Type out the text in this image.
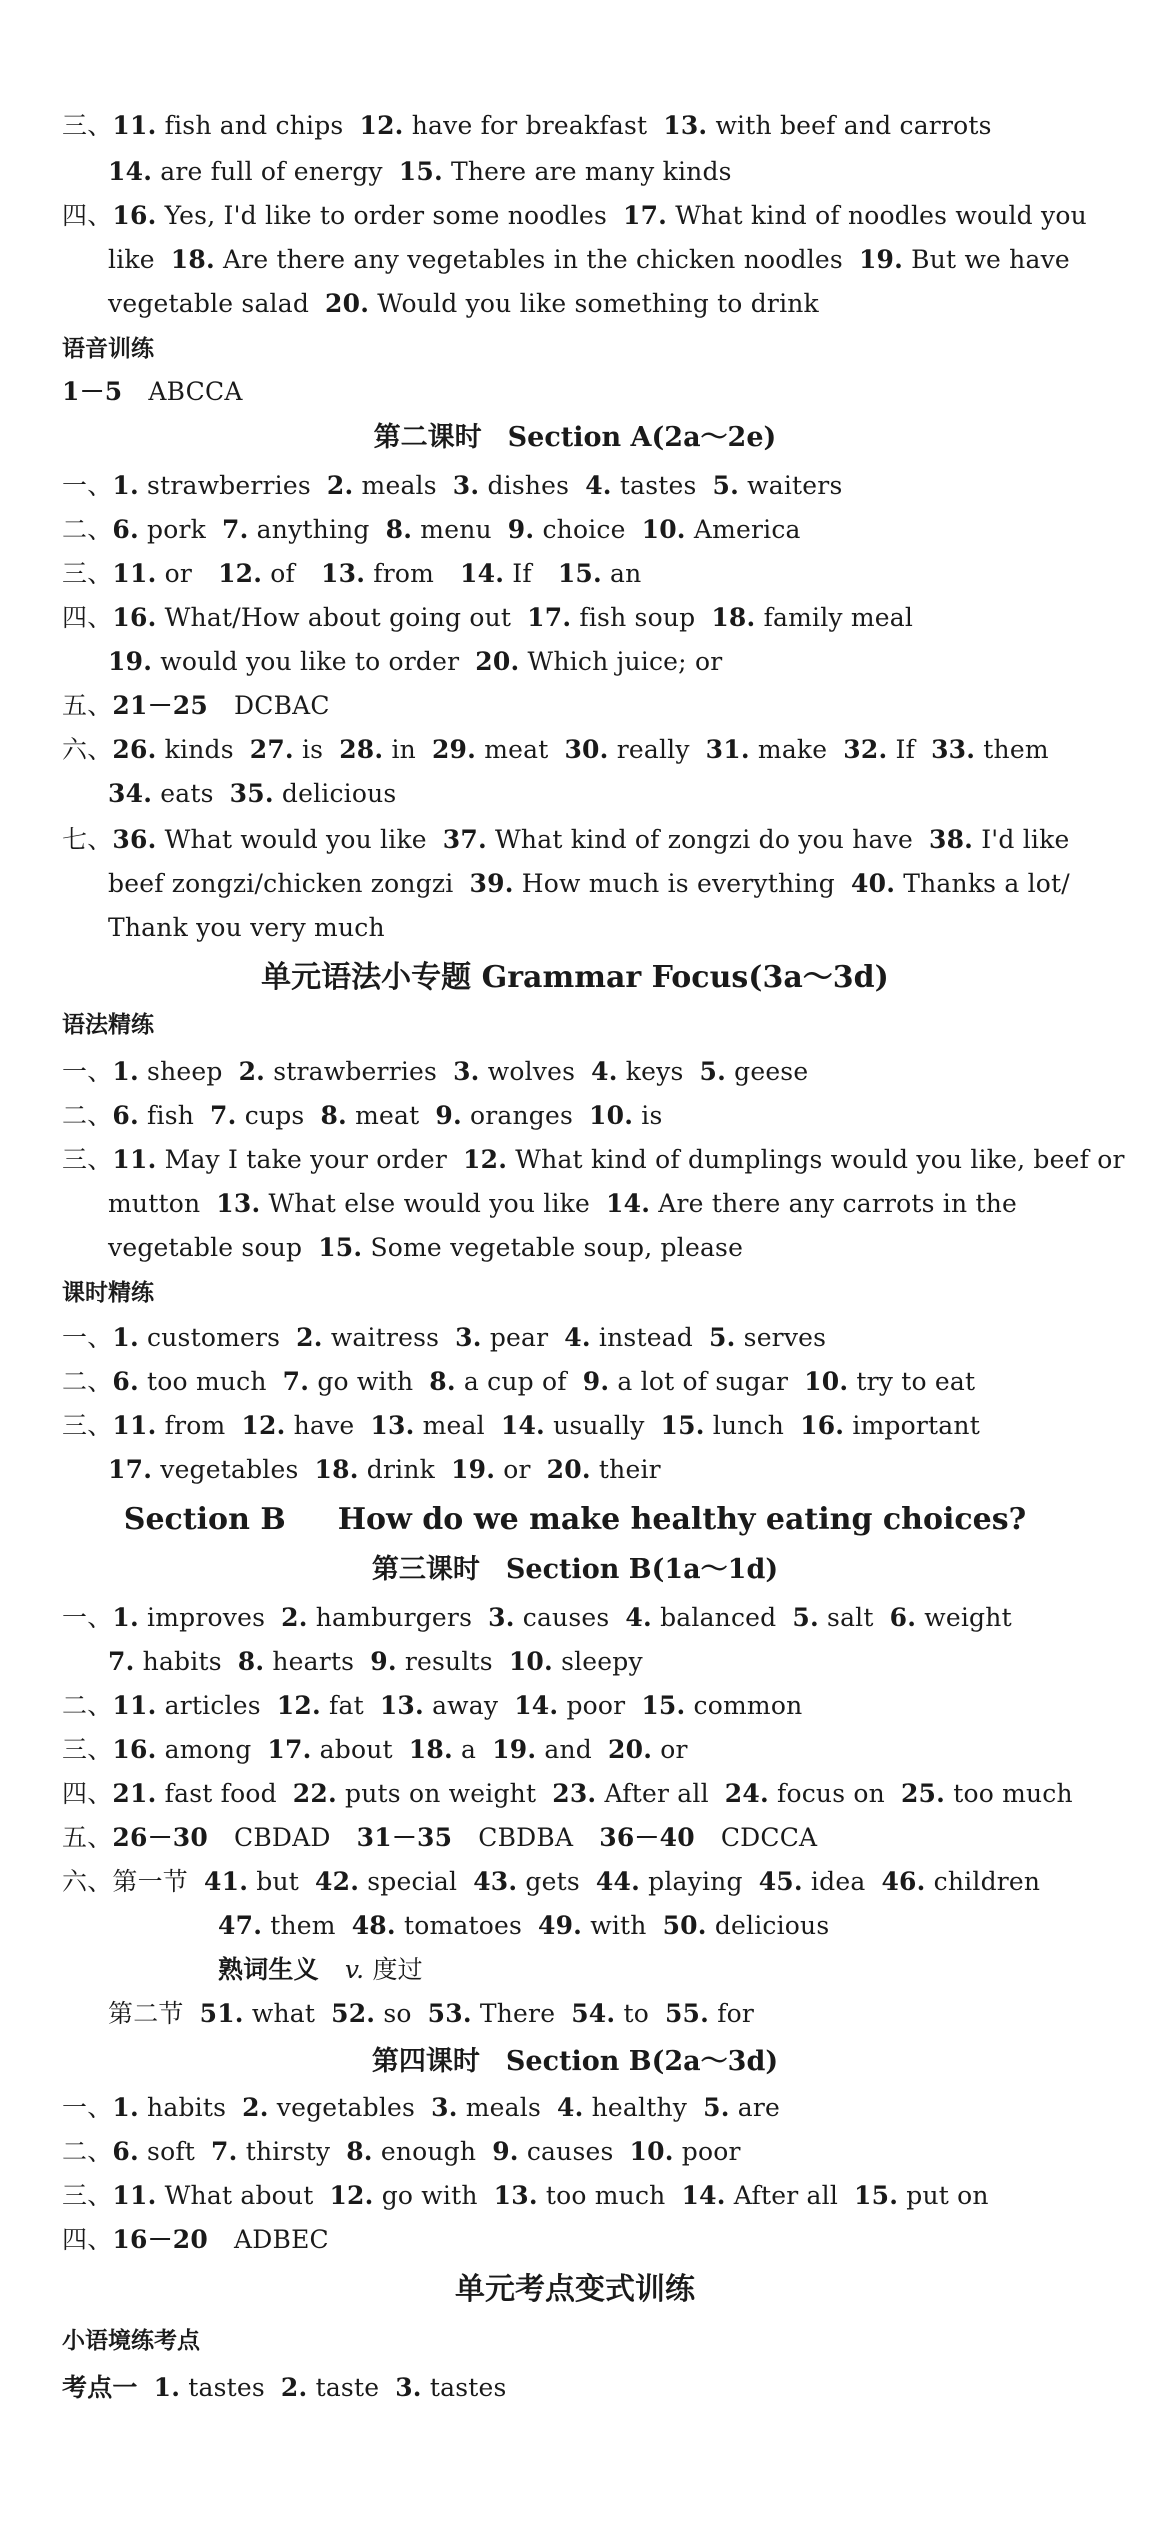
三、11. fish and chips 12. have for breakfast 13. with beef and carrots
14. are full of energy 15. There are many kinds
四、16. Yes, I'd like to order some noodles 17. What kind of noodles would you
like 18. Are there any vegetables in the chicken noodles 19. But we have
vegetable salad 20. Would you like something to drink
语音训练
1－5 ABCCA
第二课时 Section A(2a～2e)
一、1. strawberries 2. meals 3. dishes 4. tastes 5. waiters
二、6. pork 7. anything 8. menu 9. choice 10. America
三、11. or 12. of 13. from 14. If 15. an
四、16. What/How about going out 17. fish soup 18. family meal
19. would you like to order 20. Which juice; or
五、21－25 DCBAC
六、26. kinds 27. is 28. in 29. meat 30. really 31. make 32. If 33. them
34. eats 35. delicious
七、36. What would you like 37. What kind of zongzi do you have 38. I'd like
beef zongzi/chicken zongzi 39. How much is everything 40. Thanks a lot/
Thank you very much
单元语法小专题 Grammar Focus(3a～3d)
语法精练
一、1. sheep 2. strawberries 3. wolves 4. keys 5. geese
二、6. fish 7. cups 8. meat 9. oranges 10. is
三、11. May I take your order 12. What kind of dumplings would you like, beef or
mutton 13. What else would you like 14. Are there any carrots in the
vegetable soup 15. Some vegetable soup, please
课时精练
一、1. customers 2. waitress 3. pear 4. instead 5. serves
二、6. too much 7. go with 8. a cup of 9. a lot of sugar 10. try to eat
三、11. from 12. have 13. meal 14. usually 15. lunch 16. important
17. vegetables 18. drink 19. or 20. their
Section B How do we make healthy eating choices?
第三课时 Section B(1a～1d)
一、1. improves 2. hamburgers 3. causes 4. balanced 5. salt 6. weight
7. habits 8. hearts 9. results 10. sleepy
二、11. articles 12. fat 13. away 14. poor 15. common
三、16. among 17. about 18. a 19. and 20. or
四、21. fast food 22. puts on weight 23. After all 24. focus on 25. too much
五、26－30 CBDAD 31－35 CBDBA 36－40 CDCCA
六、第一节 41. but 42. special 43. gets 44. playing 45. idea 46. children
47. them 48. tomatoes 49. with 50. delicious
熟词生义 v. 度过
第二节 51. what 52. so 53. There 54. to 55. for
第四课时 Section B(2a～3d)
一、1. habits 2. vegetables 3. meals 4. healthy 5. are
二、6. soft 7. thirsty 8. enough 9. causes 10. poor
三、11. What about 12. go with 13. too much 14. After all 15. put on
四、16－20 ADBEC
单元考点变式训练
小语境练考点
考点一 1. tastes 2. taste 3. tastes
